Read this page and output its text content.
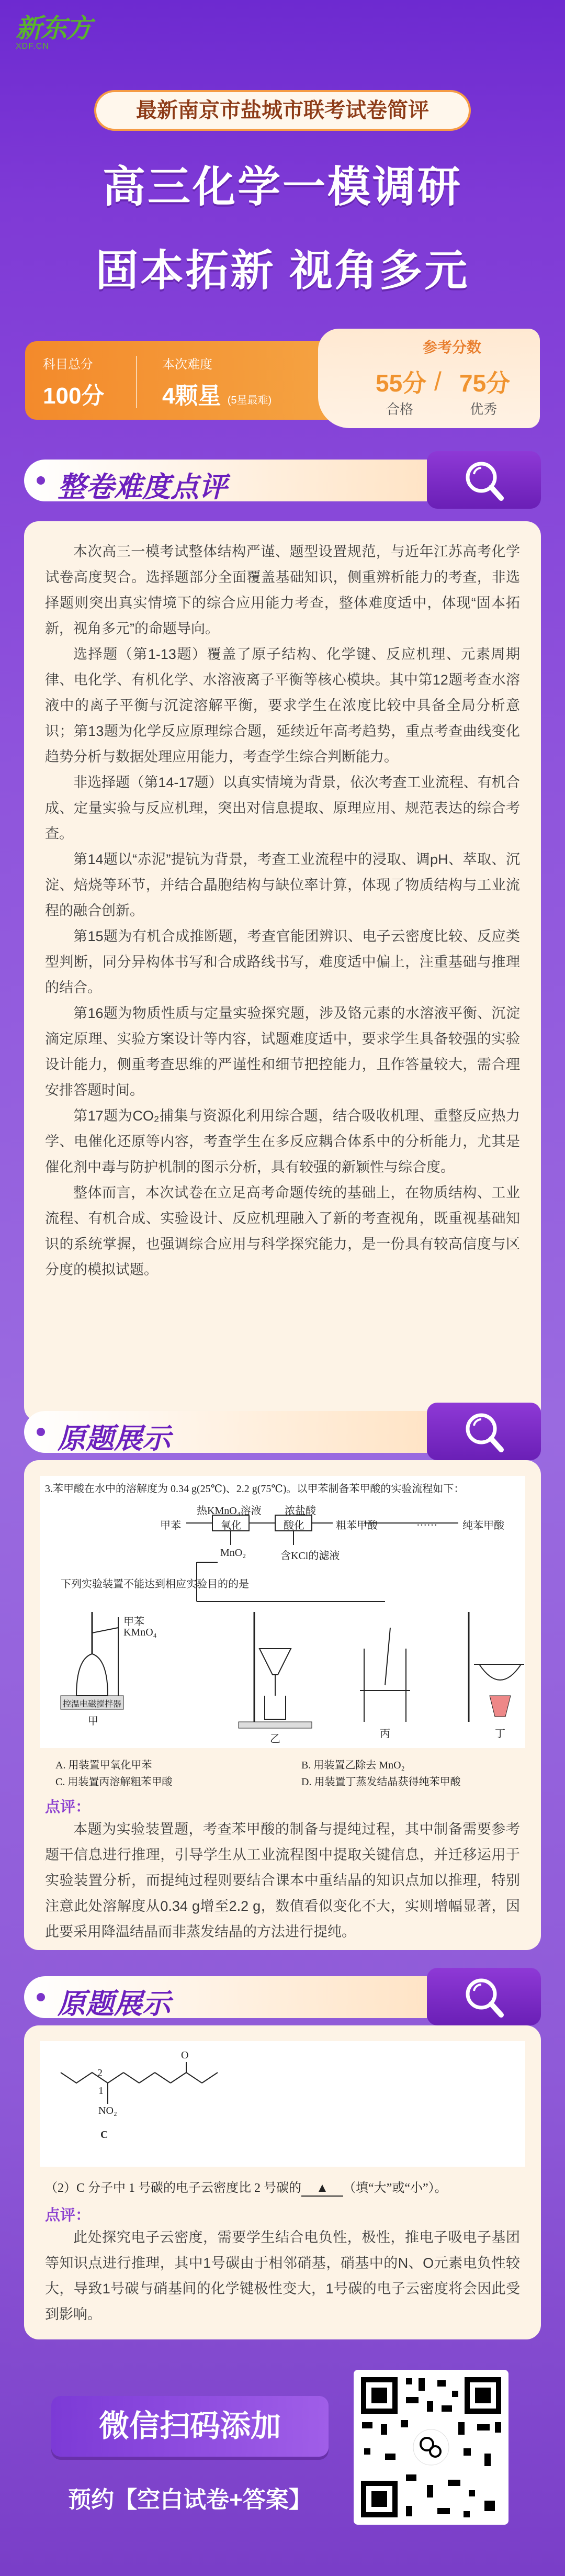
新东方
XDF.CN
最新南京市盐城市联考试卷简评
高三化学一模调研
固本拓新 视角多元
科目总分
100分
本次难度
4颗星 (5星最难)
参考分数
55分
合格
/ 75分
优秀
整卷难度点评

本次高三一模考试整体结构严谨、题型设置规范，与近年江苏高考化学试卷高度契合。选择题部分全面覆盖基础知识，侧重辨析能力的考查，非选择题则突出真实情境下的综合应用能力考查，整体难度适中，体现“固本拓新，视角多元”的命题导向。

选择题（第1-13题）覆盖了原子结构、化学键、反应机理、元素周期律、电化学、有机化学、水溶液离子平衡等核心模块。其中第12题考查水溶液中的离子平衡与沉淀溶解平衡，要求学生在浓度比较中具备全局分析意识；第13题为化学反应原理综合题，延续近年高考趋势，重点考查曲线变化趋势分析与数据处理应用能力，考查学生综合判断能力。

非选择题（第14-17题）以真实情境为背景，依次考查工业流程、有机合成、定量实验与反应机理，突出对信息提取、原理应用、规范表达的综合考查。

第14题以“赤泥”提钪为背景，考查工业流程中的浸取、调pH、萃取、沉淀、焙烧等环节，并结合晶胞结构与缺位率计算，体现了物质结构与工业流程的融合创新。

第15题为有机合成推断题，考查官能团辨识、电子云密度比较、反应类型判断，同分异构体书写和合成路线书写，难度适中偏上，注重基础与推理的结合。

第16题为物质性质与定量实验探究题，涉及铬元素的水溶液平衡、沉淀滴定原理、实验方案设计等内容，试题难度适中，要求学生具备较强的实验设计能力，侧重考查思维的严谨性和细节把控能力，且作答量较大，需合理安排答题时间。

第17题为CO₂捕集与资源化利用综合题，结合吸收机理、重整反应热力学、电催化还原等内容，考查学生在多反应耦合体系中的分析能力，尤其是催化剂中毒与防护机制的图示分析，具有较强的新颖性与综合度。

整体而言，本次试卷在立足高考命题传统的基础上，在物质结构、工业流程、有机合成、实验设计、反应机理融入了新的考查视角，既重视基础知识的系统掌握，也强调综合应用与科学探究能力，是一份具有较高信度与区分度的模拟试题。

原题展示
3.苯甲酸在水中的溶解度为 0.34 g(25℃)、2.2 g(75℃)。以甲苯制备苯甲酸的实验流程如下：
甲苯	氧化	酸化	粗苯甲酸	…… 纯苯甲酸
热KMnO₄溶液 浓盐酸
MnO₂	含KCl的滤液
下列实验装置不能达到相应实验目的的是
甲苯
KMnO₄
控温电磁搅拌器
甲
乙	丙	丁
A. 用装置甲氧化甲苯	B. 用装置乙除去 MnO₂
C. 用装置丙溶解粗苯甲酸	D. 用装置丁蒸发结晶获得纯苯甲酸
点评：

本题为实验装置题，考查苯甲酸的制备与提纯过程，其中制备需要参考题干信息进行推理，引导学生从工业流程图中提取关键信息，并迁移运用于实验装置分析，而提纯过程则要结合课本中重结晶的知识点加以推理，特别注意此处溶解度从0.34 g增至2.2 g，数值看似变化不大，实则增幅显著，因此要采用降温结晶而非蒸发结晶的方法进行提纯。

原题展示
2
1
NO₂
O
C
（2）C 分子中 1 号碳的电子云密度比 2 号碳的 ▲ （填“大”或“小”）。
点评：

此处探究电子云密度，需要学生结合电负性，极性，推电子吸电子基团等知识点进行推理，其中1号碳由于相邻硝基，硝基中的N、O元素电负性较大，导致1号碳与硝基间的化学键极性变大，1号碳的电子云密度将会因此受到影响。

微信扫码添加
预约【空白试卷+答案】
